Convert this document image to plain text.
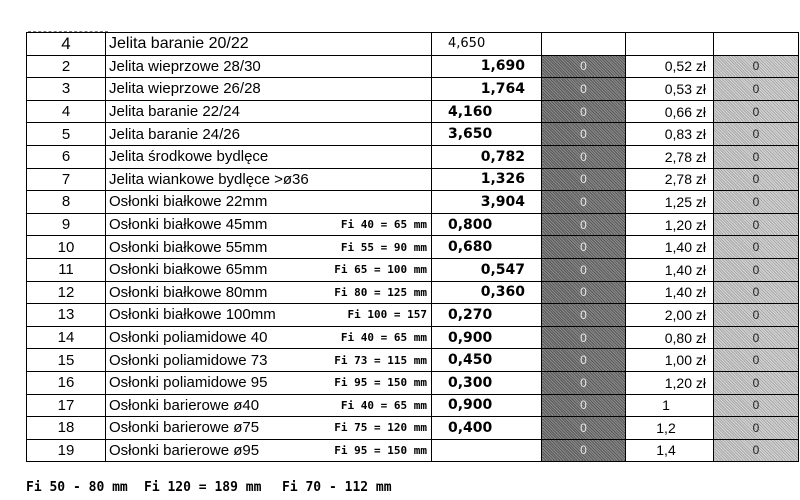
4	Jelita baranie 20/22	4,650			
2	Jelita wieprzowe 28/30	1,690	0	0,52 zł	0
3	Jelita wieprzowe 26/28	1,764	0	0,53 zł	0
4	Jelita baranie 22/24	4,160	0	0,66 zł	0
5	Jelita baranie 24/26	3,650	0	0,83 zł	0
6	Jelita środkowe bydlęce	0,782	0	2,78 zł	0
7	Jelita wiankowe bydlęce >ø36	1,326	0	2,78 zł	0
8	Osłonki białkowe 22mm	3,904	0	1,25 zł	0
9	Osłonki białkowe 45mm Fi 40 = 65 mm	0,800	0	1,20 zł	0
10	Osłonki białkowe 55mm Fi 55 = 90 mm	0,680	0	1,40 zł	0
11	Osłonki białkowe 65mm Fi 65 = 100 mm	0,547	0	1,40 zł	0
12	Osłonki białkowe 80mm Fi 80 = 125 mm	0,360	0	1,40 zł	0
13	Osłonki białkowe 100mm Fi 100 = 157	0,270	0	2,00 zł	0
14	Osłonki poliamidowe 40 Fi 40 = 65 mm	0,900	0	0,80 zł	0
15	Osłonki poliamidowe 73 Fi 73 = 115 mm	0,450	0	1,00 zł	0
16	Osłonki poliamidowe 95 Fi 95 = 150 mm	0,300	0	1,20 zł	0
17	Osłonki barierowe ø40 Fi 40 = 65 mm	0,900	0	1	0
18	Osłonki barierowe ø75 Fi 75 = 120 mm	0,400	0	1,2	0
19	Osłonki barierowe ø95 Fi 95 = 150 mm		0	1,4	0
Fi 50 - 80 mm Fi 120 = 189 mm Fi 70 - 112 mm
